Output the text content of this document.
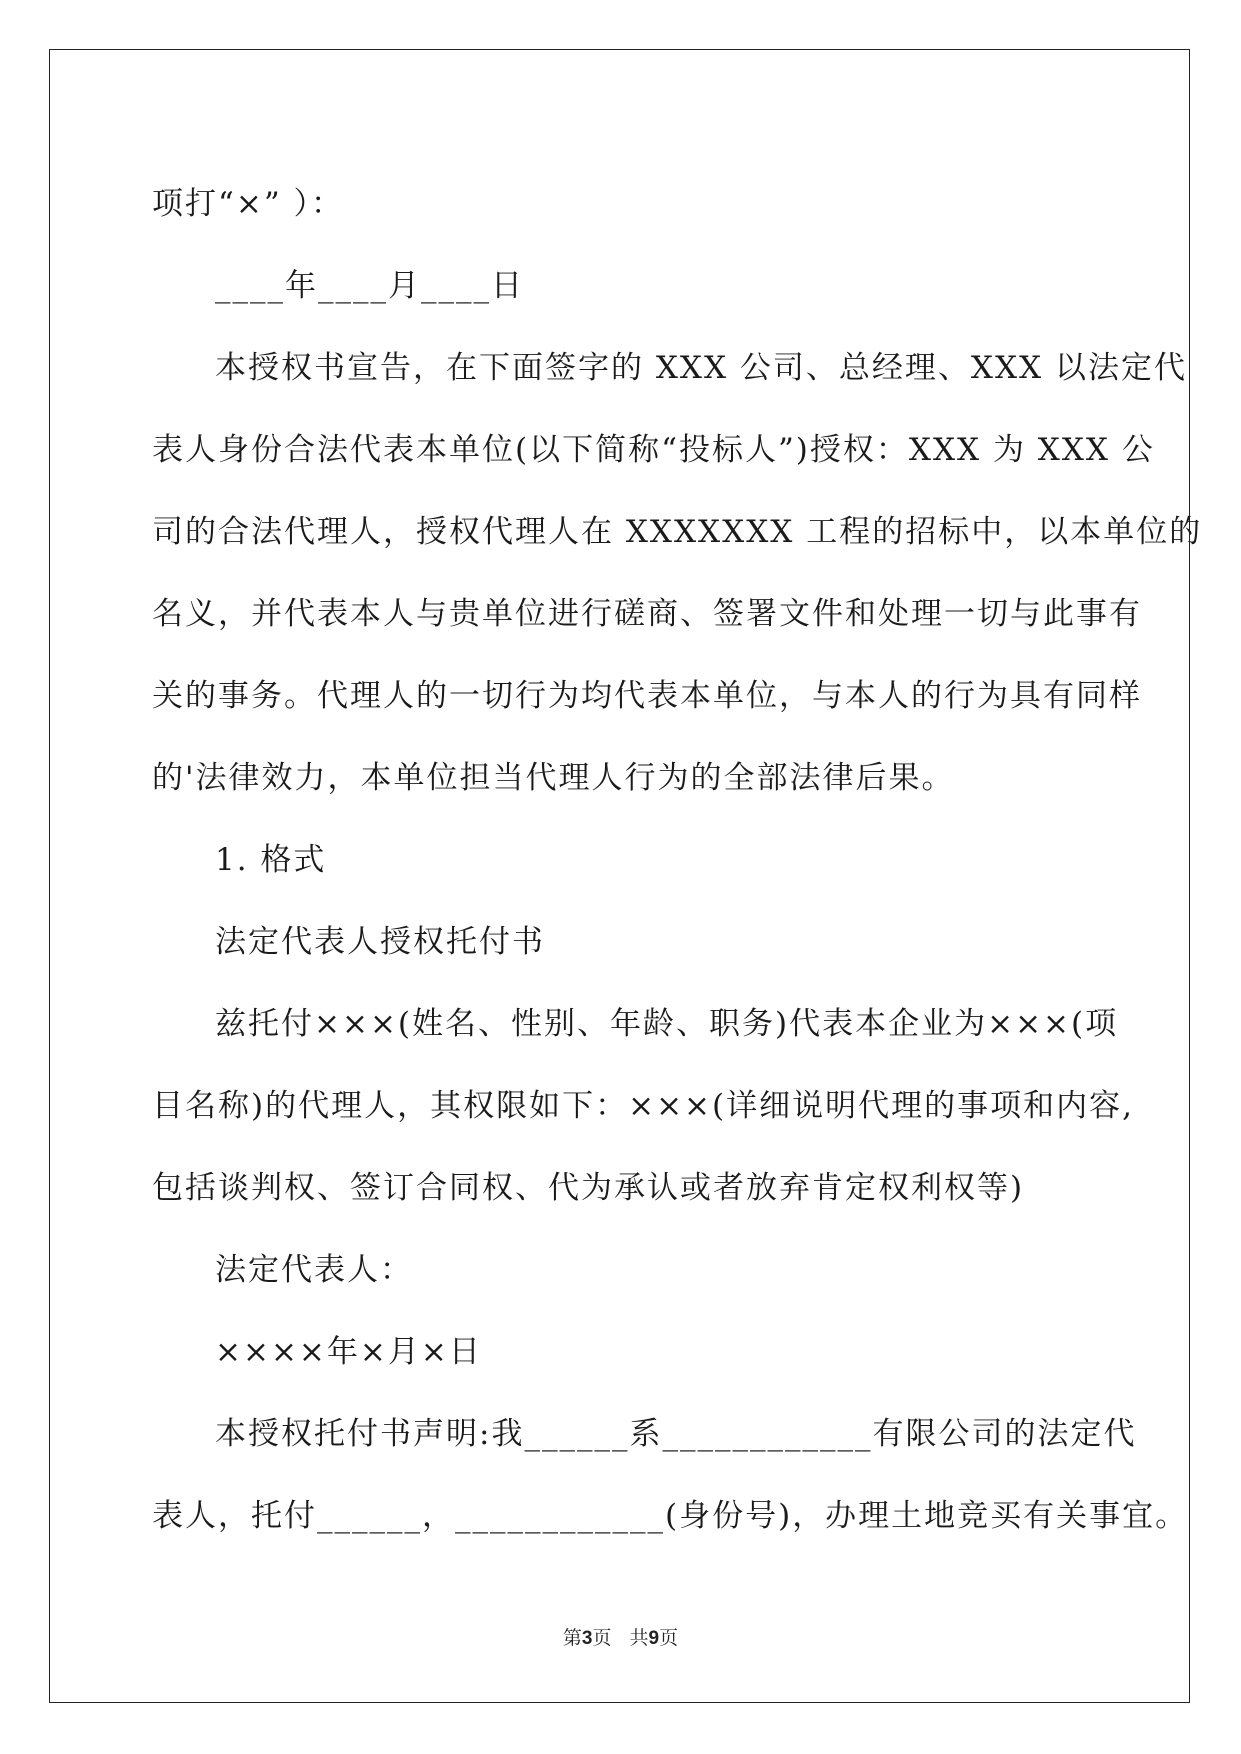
项打“×” ）：

____年____月____日

本授权书宣告，在下面签字的 XXX 公司、总经理、XXX 以法定代

表人身份合法代表本单位(以下简称“投标人”)授权：XXX 为 XXX 公

司的合法代理人，授权代理人在 XXXXXXX 工程的招标中，以本单位的

名义，并代表本人与贵单位进行磋商、签署文件和处理一切与此事有

关的事务。代理人的一切行为均代表本单位，与本人的行为具有同样

的'法律效力，本单位担当代理人行为的全部法律后果。

1. 格式

法定代表人授权托付书

兹托付×××(姓名、性别、年龄、职务)代表本企业为×××(项

目名称)的代理人，其权限如下：×××(详细说明代理的事项和内容,

包括谈判权、签订合同权、代为承认或者放弃肯定权利权等)

法定代表人：

××××年×月×日

本授权托付书声明:我______系____________有限公司的法定代

表人，托付______，____________(身份号)，办理土地竞买有关事宜。

第3页 共9页
